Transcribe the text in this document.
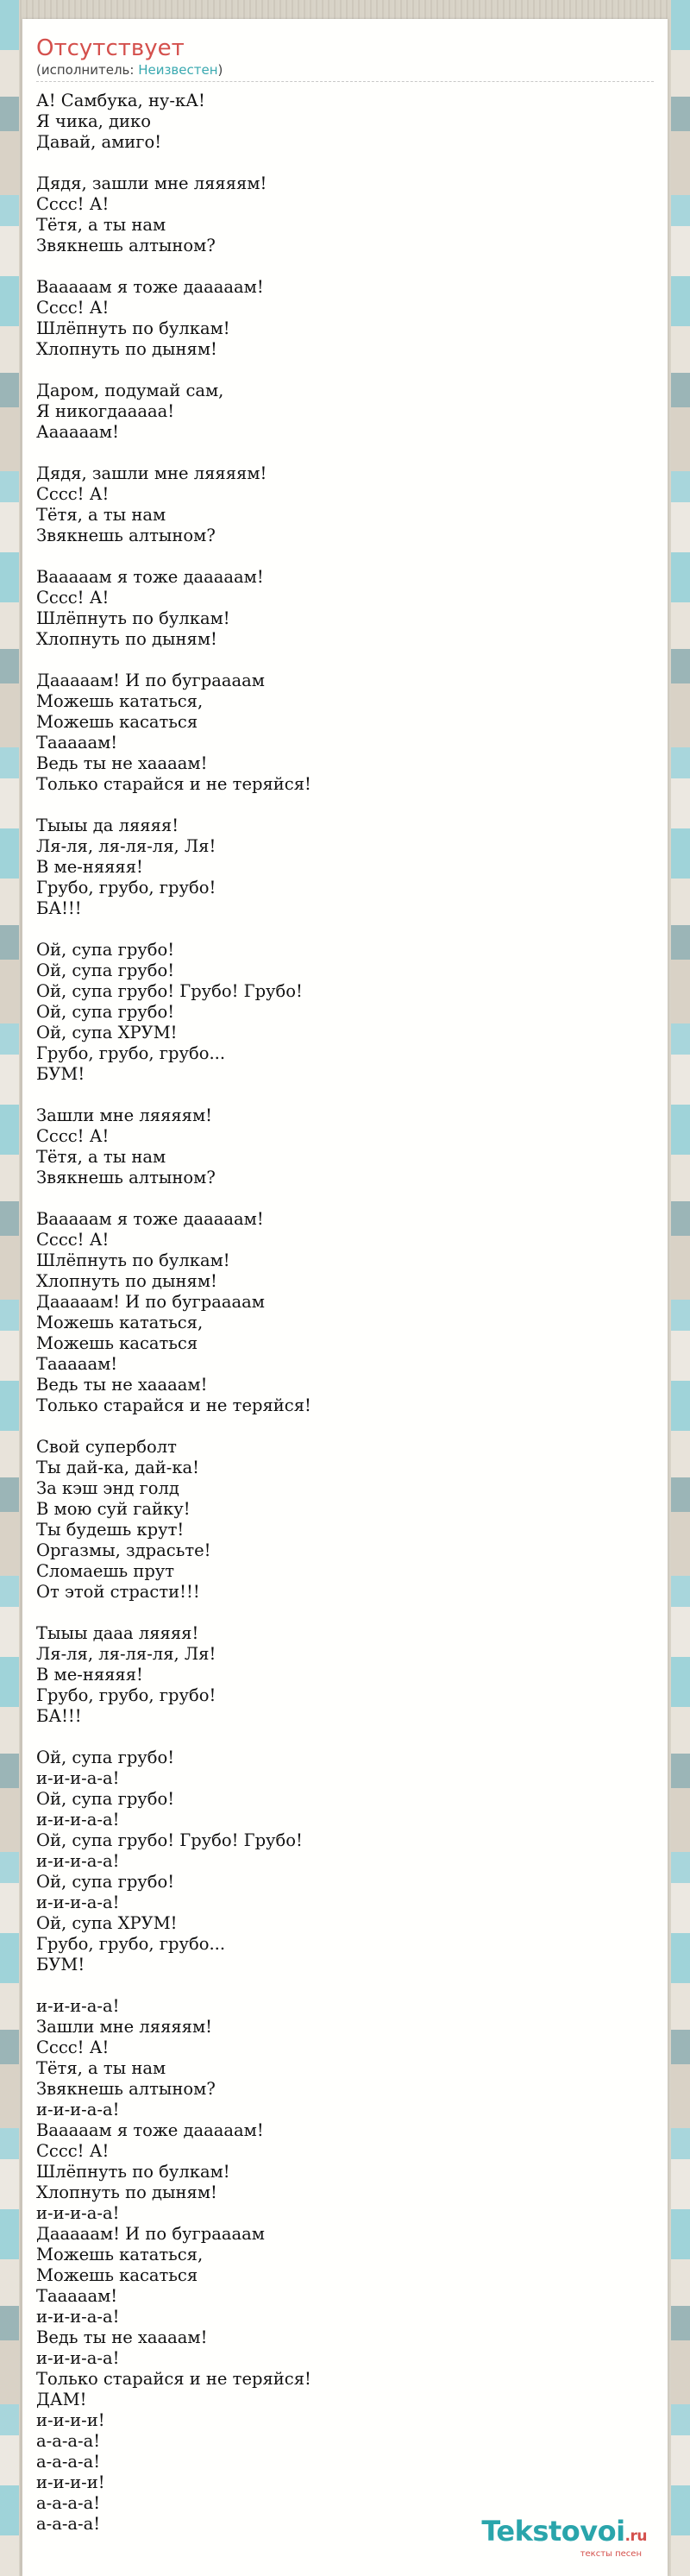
Отсутствует
(исполнитель: Неизвестен)
А! Самбука, ну-кА!
Я чика, дико
Давай, амиго!
Дядя, зашли мне ляяяям!
Сссс! А!
Тётя, а ты нам
Звякнешь алтыном?
Вааааам я тоже дааааам!
Сссс! А!
Шлёпнуть по булкам!
Хлопнуть по дыням!
Даром, подумай сам,
Я никогдааааа!
Аааааам!
Дядя, зашли мне ляяяям!
Сссс! А!
Тётя, а ты нам
Звякнешь алтыном?
Вааааам я тоже дааааам!
Сссс! А!
Шлёпнуть по булкам!
Хлопнуть по дыням!
Дааааам! И по буграааам
Можешь кататься,
Можешь касаться
Тааааам!
Ведь ты не хаааам!
Только старайся и не теряйся!
Тыыы да ляяяя!
Ля-ля, ля-ля-ля, Ля!
В ме-няяяя!
Грубо, грубо, грубо!
БА!!!
Ой, супа грубо!
Ой, супа грубо!
Ой, супа грубо! Грубо! Грубо!
Ой, супа грубо!
Ой, супа ХРУМ!
Грубо, грубо, грубо...
БУМ!
Зашли мне ляяяям!
Сссс! А!
Тётя, а ты нам
Звякнешь алтыном?
Вааааам я тоже дааааам!
Сссс! А!
Шлёпнуть по булкам!
Хлопнуть по дыням!
Дааааам! И по буграааам
Можешь кататься,
Можешь касаться
Тааааам!
Ведь ты не хаааам!
Только старайся и не теряйся!
Свой суперболт
Ты дай-ка, дай-ка!
За кэш энд голд
В мою суй гайку!
Ты будешь крут!
Оргазмы, здрасьте!
Сломаешь прут
От этой страсти!!!
Тыыы дааа ляяяя!
Ля-ля, ля-ля-ля, Ля!
В ме-няяяя!
Грубо, грубо, грубо!
БА!!!
Ой, супа грубо!
и-и-и-а-а!
Ой, супа грубо!
и-и-и-а-а!
Ой, супа грубо! Грубо! Грубо!
и-и-и-а-а!
Ой, супа грубо!
и-и-и-а-а!
Ой, супа ХРУМ!
Грубо, грубо, грубо...
БУМ!
и-и-и-а-а!
Зашли мне ляяяям!
Сссс! А!
Тётя, а ты нам
Звякнешь алтыном?
и-и-и-а-а!
Вааааам я тоже дааааам!
Сссс! А!
Шлёпнуть по булкам!
Хлопнуть по дыням!
и-и-и-а-а!
Дааааам! И по буграааам
Можешь кататься,
Можешь касаться
Тааааам!
и-и-и-а-а!
Ведь ты не хаааам!
и-и-и-а-а!
Только старайся и не теряйся!
ДАМ!
и-и-и-и!
а-а-а-а!
а-а-а-а!
и-и-и-и!
а-а-а-а!
а-а-а-а!	Tekstovoi.ru
тексты песен
